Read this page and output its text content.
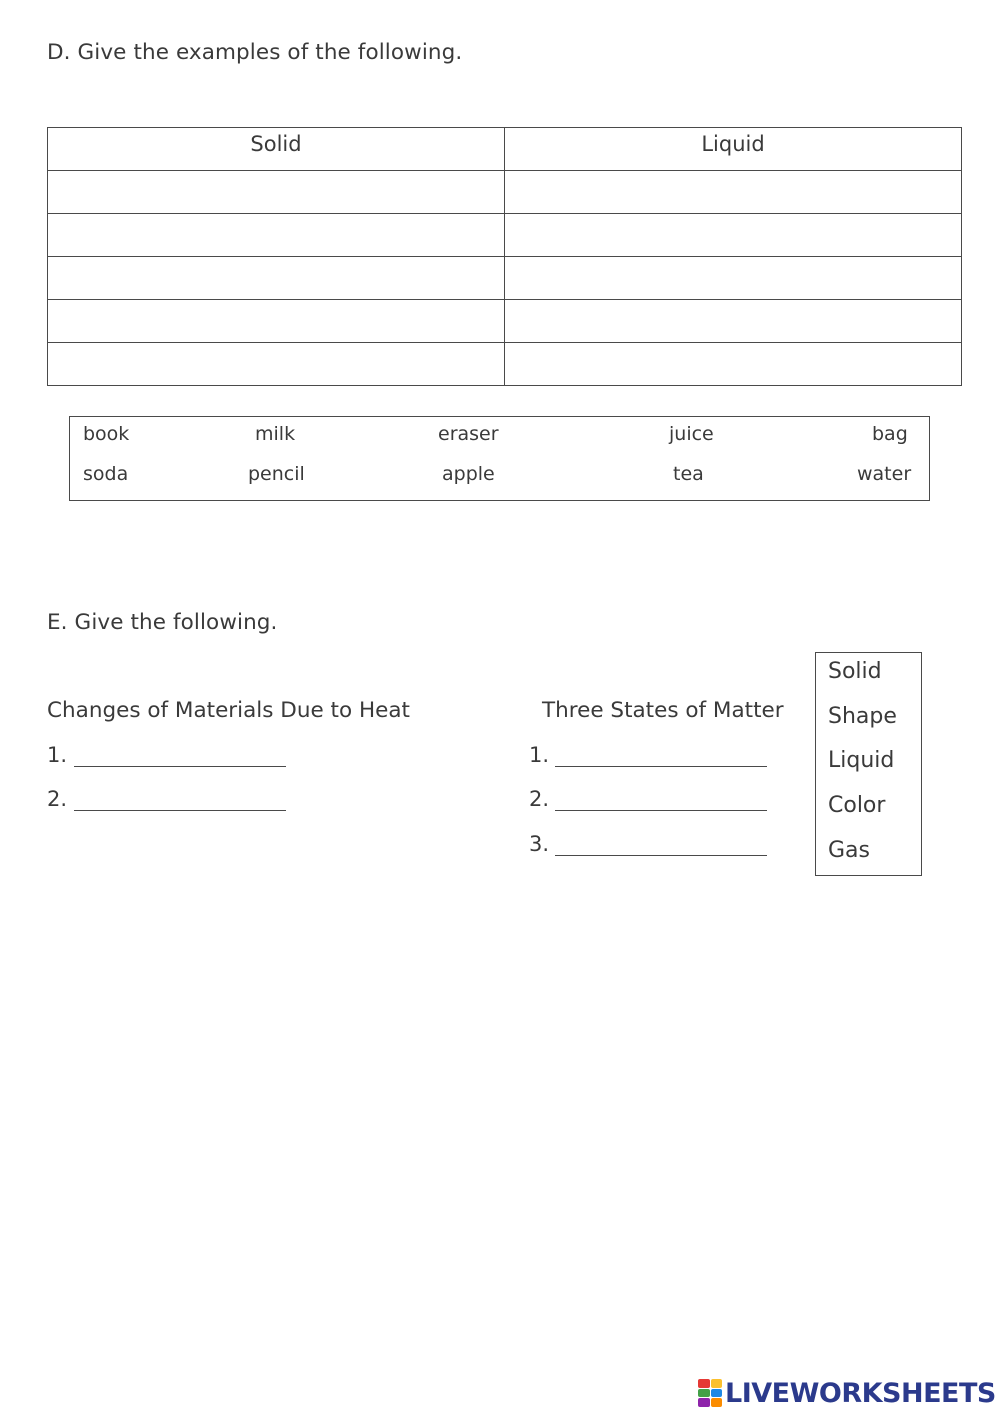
D. Give the examples of the following.
Solid	Liquid

book	milk	eraser	juice	bag
soda	pencil	apple	tea	water
E. Give the following.
Changes of Materials Due to Heat
1.
2.
Three States of Matter
1.
2.
3.
Solid
Shape
Liquid
Color
Gas
LIVEWORKSHEETS
